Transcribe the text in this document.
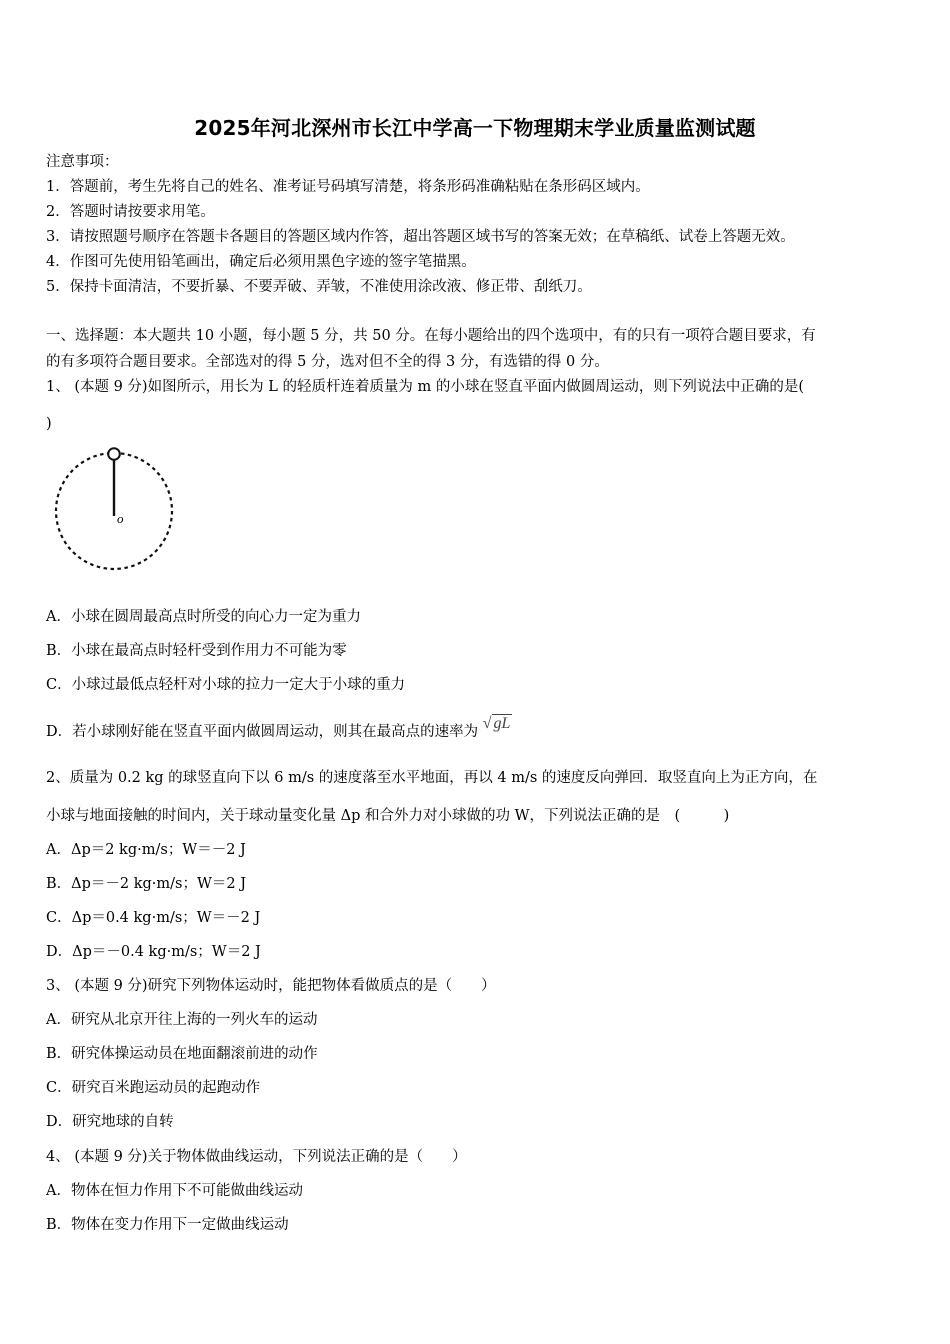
2025年河北深州市长江中学高一下物理期末学业质量监测试题
注意事项：
1．答题前，考生先将自己的姓名、准考证号码填写清楚，将条形码准确粘贴在条形码区域内。
2．答题时请按要求用笔。
3．请按照题号顺序在答题卡各题目的答题区域内作答，超出答题区域书写的答案无效；在草稿纸、试卷上答题无效。
4．作图可先使用铅笔画出，确定后必须用黑色字迹的签字笔描黑。
5．保持卡面清洁，不要折暴、不要弄破、弄皱，不准使用涂改液、修正带、刮纸刀。
一、选择题：本大题共 10 小题，每小题 5 分，共 50 分。在每小题给出的四个选项中，有的只有一项符合题目要求，有
的有多项符合题目要求。全部选对的得 5 分，选对但不全的得 3 分，有选错的得 0 分。
1、 (本题 9 分)如图所示，用长为 L 的轻质杆连着质量为 m 的小球在竖直平面内做圆周运动，则下列说法中正确的是(
)
o
A．小球在圆周最高点时所受的向心力一定为重力
B．小球在最高点时轻杆受到作用力不可能为零
C．小球过最低点轻杆对小球的拉力一定大于小球的重力
D．若小球刚好能在竖直平面内做圆周运动，则其在最高点的速率为 √ gL
2、质量为 0.2 kg 的球竖直向下以 6 m/s 的速度落至水平地面，再以 4 m/s 的速度反向弹回．取竖直向上为正方向，在
小球与地面接触的时间内，关于球动量变化量 Δp 和合外力对小球做的功 W，下列说法正确的是　(　　　)
A．Δp＝2 kg·m/s；W＝－2 J
B．Δp＝－2 kg·m/s；W＝2 J
C．Δp＝0.4 kg·m/s；W＝－2 J
D．Δp＝－0.4 kg·m/s；W＝2 J
3、 (本题 9 分)研究下列物体运动时，能把物体看做质点的是（　　）
A．研究从北京开往上海的一列火车的运动
B．研究体操运动员在地面翻滚前进的动作
C．研究百米跑运动员的起跑动作
D．研究地球的自转
4、 (本题 9 分)关于物体做曲线运动，下列说法正确的是（　　）
A．物体在恒力作用下不可能做曲线运动
B．物体在变力作用下一定做曲线运动
